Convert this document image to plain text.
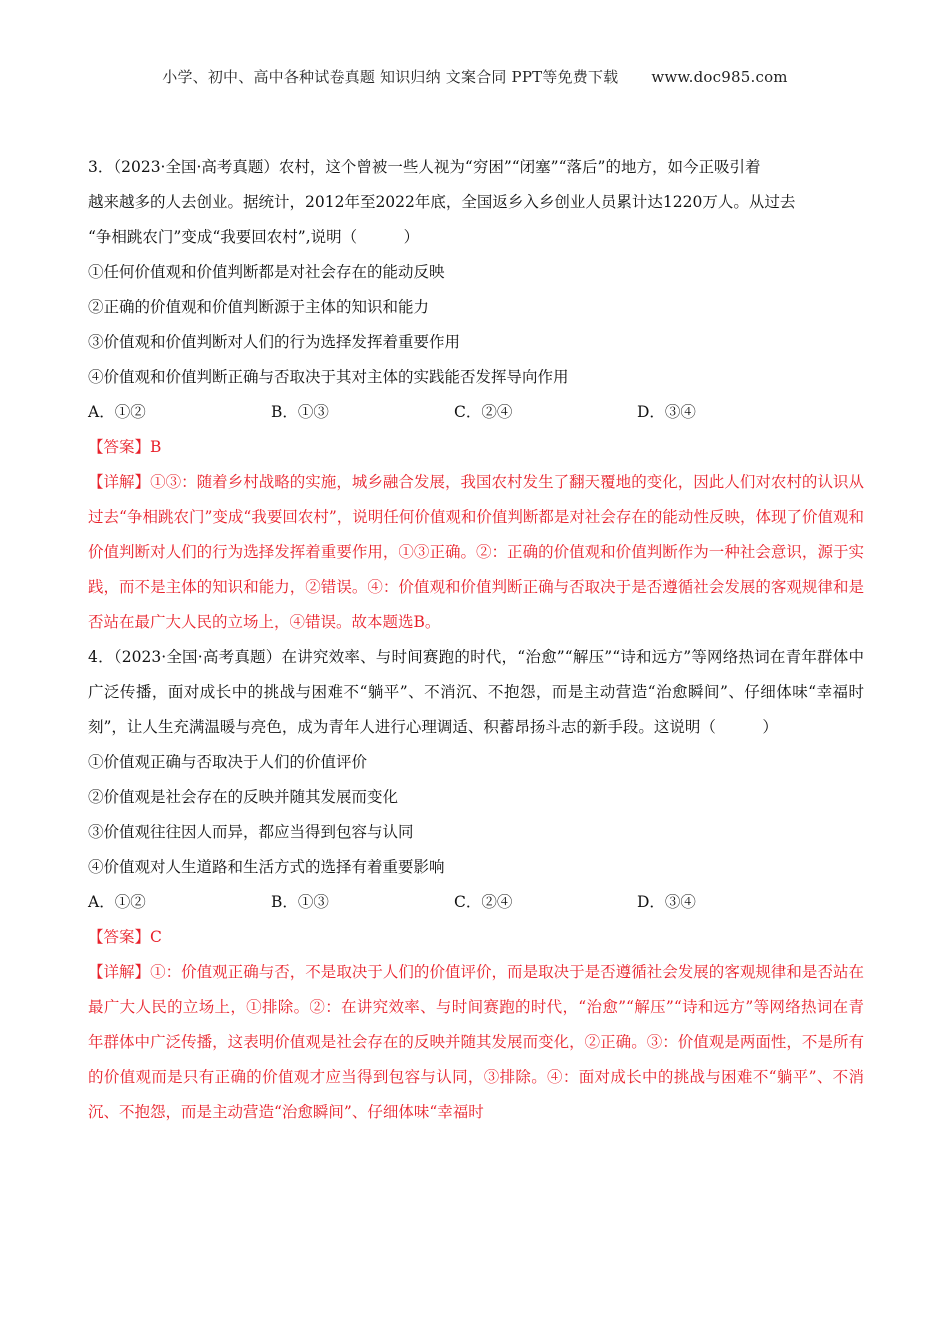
小学、初中、高中各种试卷真题 知识归纳 文案合同 PPT等免费下载 www.doc985.com
3．（2023·全国·高考真题）农村，这个曾被一些人视为“穷困”“闭塞”“落后”的地方，如今正吸引着
越来越多的人去创业。据统计，2012年至2022年底，全国返乡入乡创业人员累计达1220万人。从过去
“争相跳农门”变成“我要回农村”,说明（　　　）
①任何价值观和价值判断都是对社会存在的能动反映
②正确的价值观和价值判断源于主体的知识和能力
③价值观和价值判断对人们的行为选择发挥着重要作用
④价值观和价值判断正确与否取决于其对主体的实践能否发挥导向作用
A．①②	B．①③	C．②④	D．③④
【答案】B
【详解】①③：随着乡村战略的实施，城乡融合发展，我国农村发生了翻天覆地的变化，因此人们对农村的认识从过去“争相跳农门”变成“我要回农村”，说明任何价值观和价值判断都是对社会存在的能动性反映，体现了价值观和价值判断对人们的行为选择发挥着重要作用，①③正确。②：正确的价值观和价值判断作为一种社会意识，源于实践，而不是主体的知识和能力，②错误。④：价值观和价值判断正确与否取决于是否遵循社会发展的客观规律和是否站在最广大人民的立场上，④错误。故本题选B。
4．（2023·全国·高考真题）在讲究效率、与时间赛跑的时代，“治愈”“解压”“诗和远方”等网络热词在青年群体中广泛传播，面对成长中的挑战与困难不“躺平”、不消沉、不抱怨，而是主动营造“治愈瞬间”、仔细体味“幸福时刻”，让人生充满温暖与亮色，成为青年人进行心理调适、积蓄昂扬斗志的新手段。这说明（　　　）
①价值观正确与否取决于人们的价值评价
②价值观是社会存在的反映并随其发展而变化
③价值观往往因人而异，都应当得到包容与认同
④价值观对人生道路和生活方式的选择有着重要影响
A．①②	B．①③	C．②④	D．③④
【答案】C
【详解】①：价值观正确与否，不是取决于人们的价值评价，而是取决于是否遵循社会发展的客观规律和是否站在最广大人民的立场上，①排除。②：在讲究效率、与时间赛跑的时代，“治愈”“解压”“诗和远方”等网络热词在青年群体中广泛传播，这表明价值观是社会存在的反映并随其发展而变化，②正确。③：价值观是两面性，不是所有的价值观而是只有正确的价值观才应当得到包容与认同，③排除。④：面对成长中的挑战与困难不“躺平”、不消沉、不抱怨，而是主动营造“治愈瞬间”、仔细体味“幸福时
